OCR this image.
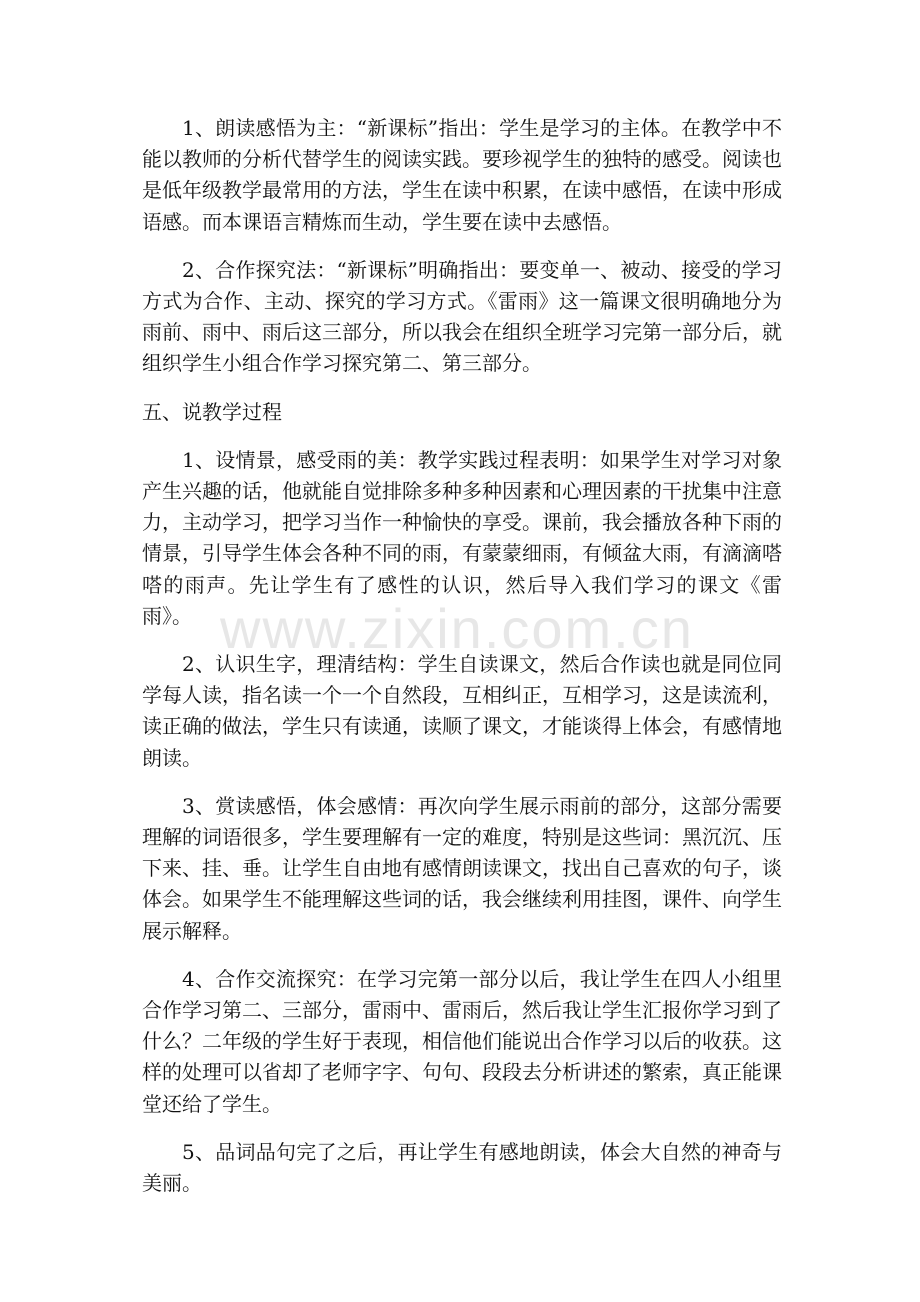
1、朗读感悟为主：“新课标”指出：学生是学习的主体。在教学中不能以教师的分析代替学生的阅读实践。要珍视学生的独特的感受。阅读也是低年级教学最常用的方法，学生在读中积累，在读中感悟，在读中形成语感。而本课语言精炼而生动，学生要在读中去感悟。

2、合作探究法：“新课标”明确指出：要变单一、被动、接受的学习方式为合作、主动、探究的学习方式。《雷雨》这一篇课文很明确地分为雨前、雨中、雨后这三部分，所以我会在组织全班学习完第一部分后，就组织学生小组合作学习探究第二、第三部分。

五、说教学过程

1、设情景，感受雨的美：教学实践过程表明：如果学生对学习对象产生兴趣的话，他就能自觉排除多种多种因素和心理因素的干扰集中注意力，主动学习，把学习当作一种愉快的享受。课前，我会播放各种下雨的情景，引导学生体会各种不同的雨，有蒙蒙细雨，有倾盆大雨，有滴滴嗒嗒的雨声。先让学生有了感性的认识，然后导入我们学习的课文《雷雨》。

2、认识生字，理清结构：学生自读课文，然后合作读也就是同位同学每人读，指名读一个一个自然段，互相纠正，互相学习，这是读流利，读正确的做法，学生只有读通，读顺了课文，才能谈得上体会，有感情地朗读。

3、赏读感悟，体会感情：再次向学生展示雨前的部分，这部分需要理解的词语很多，学生要理解有一定的难度，特别是这些词：黑沉沉、压下来、挂、垂。让学生自由地有感情朗读课文，找出自己喜欢的句子，谈体会。如果学生不能理解这些词的话，我会继续利用挂图，课件、向学生展示解释。

4、合作交流探究：在学习完第一部分以后，我让学生在四人小组里合作学习第二、三部分，雷雨中、雷雨后，然后我让学生汇报你学习到了什么？二年级的学生好于表现，相信他们能说出合作学习以后的收获。这样的处理可以省却了老师字字、句句、段段去分析讲述的繁索，真正能课堂还给了学生。

5、品词品句完了之后，再让学生有感地朗读，体会大自然的神奇与美丽。

www.zixin.com.cn
